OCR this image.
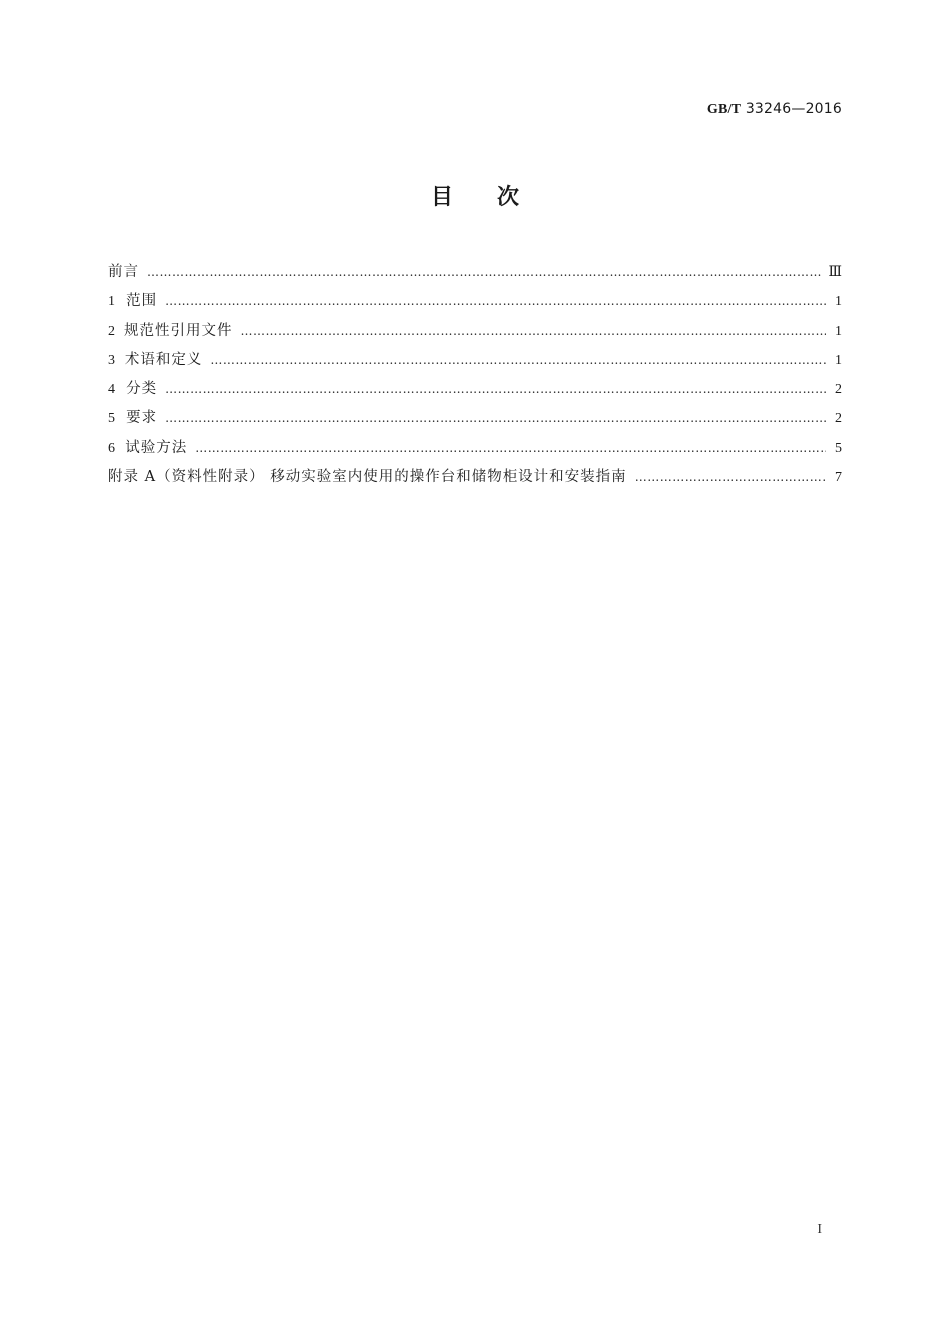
GB/T 33246—2016
目 次
前言 …………………………………………………………………………………………………………………………………………………………………………………………………………	Ⅲ
1 范围 …………………………………………………………………………………………………………………………………………………………………………………………………………	1
2 规范性引用文件 …………………………………………………………………………………………………………………………………………………………………………………………………………	1
3 术语和定义 …………………………………………………………………………………………………………………………………………………………………………………………………………	1
4 分类 …………………………………………………………………………………………………………………………………………………………………………………………………………	2
5 要求 …………………………………………………………………………………………………………………………………………………………………………………………………………	2
6 试验方法 …………………………………………………………………………………………………………………………………………………………………………………………………………	5
附录 A（资料性附录） 移动实验室内使用的操作台和储物柜设计和安装指南 …………………………………………………………………………………………………………………………………………………………………………………………………………	7
I
